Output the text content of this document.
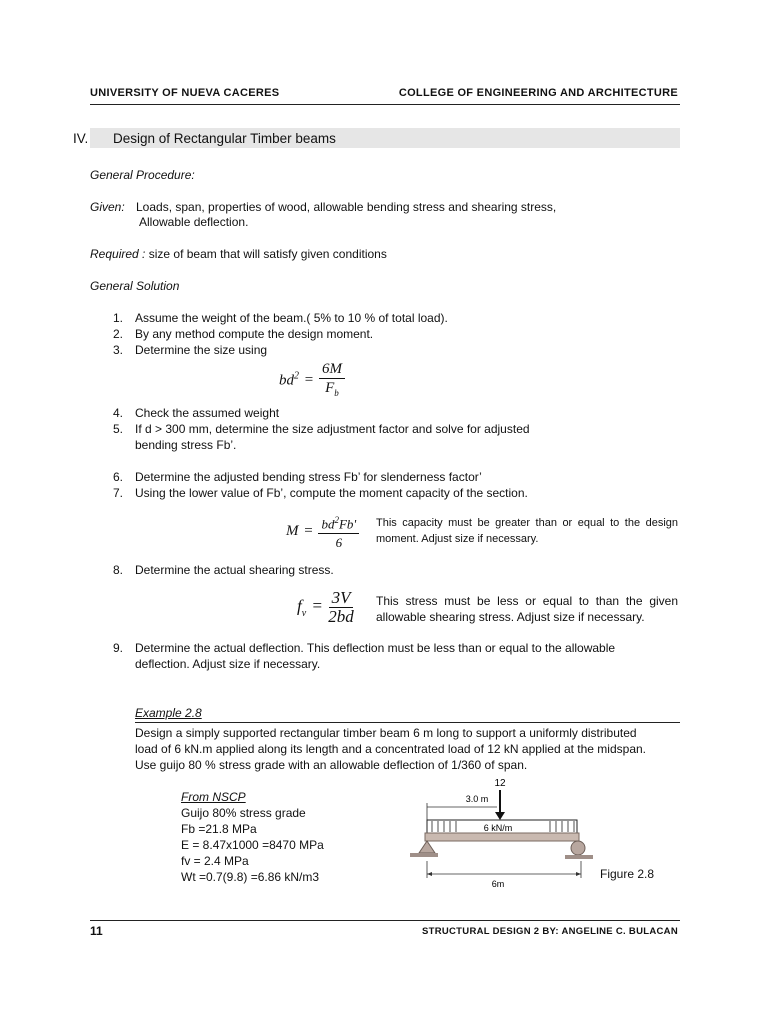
UNIVERSITY OF NUEVA CACERES	COLLEGE OF ENGINEERING AND ARCHITECTURE
IV. Design of Rectangular Timber beams
General Procedure:
Given: Loads, span, properties of wood, allowable bending stress and shearing stress,
Allowable deflection.
Required : size of beam that will satisfy given conditions
General Solution
1. Assume the weight of the beam.( 5% to 10 % of total load).
2. By any method compute the design moment.
3. Determine the size using
$bd^2 = \frac{6M}{F_b}$
4. Check the assumed weight
5. If d > 300 mm, determine the size adjustment factor and solve for adjusted
bending stress Fb’.
6. Determine the adjusted bending stress Fb’ for slenderness factor’
7. Using the lower value of Fb’, compute the moment capacity of the section.
$M = \frac{bd^2Fb'}{6}$ This capacity must be greater than or equal to the design moment. Adjust size if necessary.
8. Determine the actual shearing stress.
$f_v = \frac{3V}{2bd}$ This stress must be less or equal to than the given allowable shearing stress. Adjust size if necessary.
9. Determine the actual deflection. This deflection must be less than or equal to the allowable
deflection. Adjust size if necessary.
Example 2.8
Design a simply supported rectangular timber beam 6 m long to support a uniformly distributed
load of 6 kN.m applied along its length and a concentrated load of 12 kN applied at the midspan.
Use guijo 80 % stress grade with an allowable deflection of 1/360 of span.
From NSCP
Guijo 80% stress grade
Fb =21.8 MPa
E = 8.47x1000 =8470 MPa
fv = 2.4 MPa
Wt =0.7(9.8) =6.86 kN/m3
12
3.0 m
6 kN/m
6m
Figure 2.8
11	STRUCTURAL DESIGN 2 BY: ANGELINE C. BULACAN
